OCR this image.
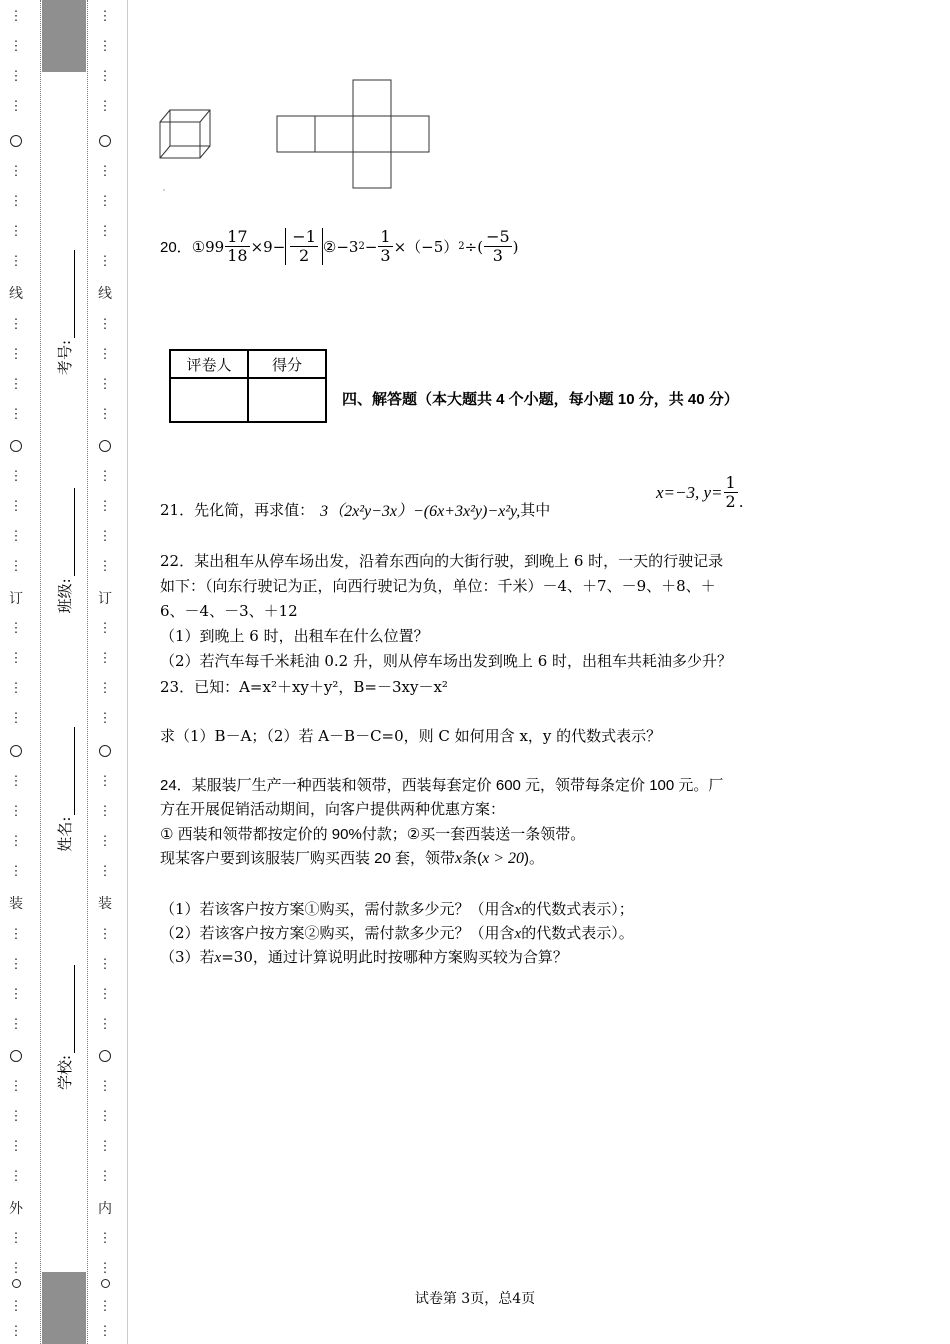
⋮
⋮
⋮
⋮
⋮
⋮
⋮
⋮
线
⋮
⋮
⋮
⋮
⋮
⋮
⋮
⋮
订
⋮
⋮
⋮
⋮
⋮
⋮
⋮
⋮
装
⋮
⋮
⋮
⋮
⋮
⋮
⋮
⋮
外
⋮
⋮
⋮
⋮
⋮
⋮
⋮
⋮
⋮
⋮
⋮
⋮
线
⋮
⋮
⋮
⋮
⋮
⋮
⋮
⋮
订
⋮
⋮
⋮
⋮
⋮
⋮
⋮
⋮
装
⋮
⋮
⋮
⋮
⋮
⋮
⋮
⋮
内
⋮
⋮
⋮
⋮
学校:
姓名:
班级:
考号:
20． ①99 $\frac{17}{18} \times 9- \frac{-1}{2}$ ②−3 $2 - \frac{1}{3} \times(-5)$ 2 ÷( $\frac{-5}{3}$ )
评卷人	得分

四、解答题（本大题共 4 个小题，每小题 10 分，共 40 分）
21．先化简，再求值： 3（2x²y−3x）−(6x+3x²y)−x²y, 其中
x=−3, $y= \frac{1}{2}$ .
22．某出租车从停车场出发，沿着东西向的大街行驶，到晚上 6 时，一天的行驶记录
如下：（向东行驶记为正，向西行驶记为负，单位：千米）－4、＋7、－9、＋8、＋
6、－4、－3、＋12
（1）到晚上 6 时，出租车在什么位置？
（2）若汽车每千米耗油 0.2 升，则从停车场出发到晚上 6 时，出租车共耗油多少升？
23．已知：A=x²＋xy＋y²，B=－3xy－x²
求（1）B－A；（2）若 A－B－C=0，则 C 如何用含 x，y 的代数式表示？
24．某服装厂生产一种西装和领带，西装每套定价 600 元，领带每条定价 100 元。厂
方在开展促销活动期间，向客户提供两种优惠方案：
① 西装和领带都按定价的 90%付款；②买一套西装送一条领带。
现某客户要到该服装厂购买西装 20 套，领带x条(x > 20)。
（1）若该客户按方案①购买，需付款多少元？（用含x的代数式表示）；
（2）若该客户按方案②购买，需付款多少元？（用含x的代数式表示）。
（3）若x=30，通过计算说明此时按哪种方案购买较为合算？
试卷第 3页，总4页
